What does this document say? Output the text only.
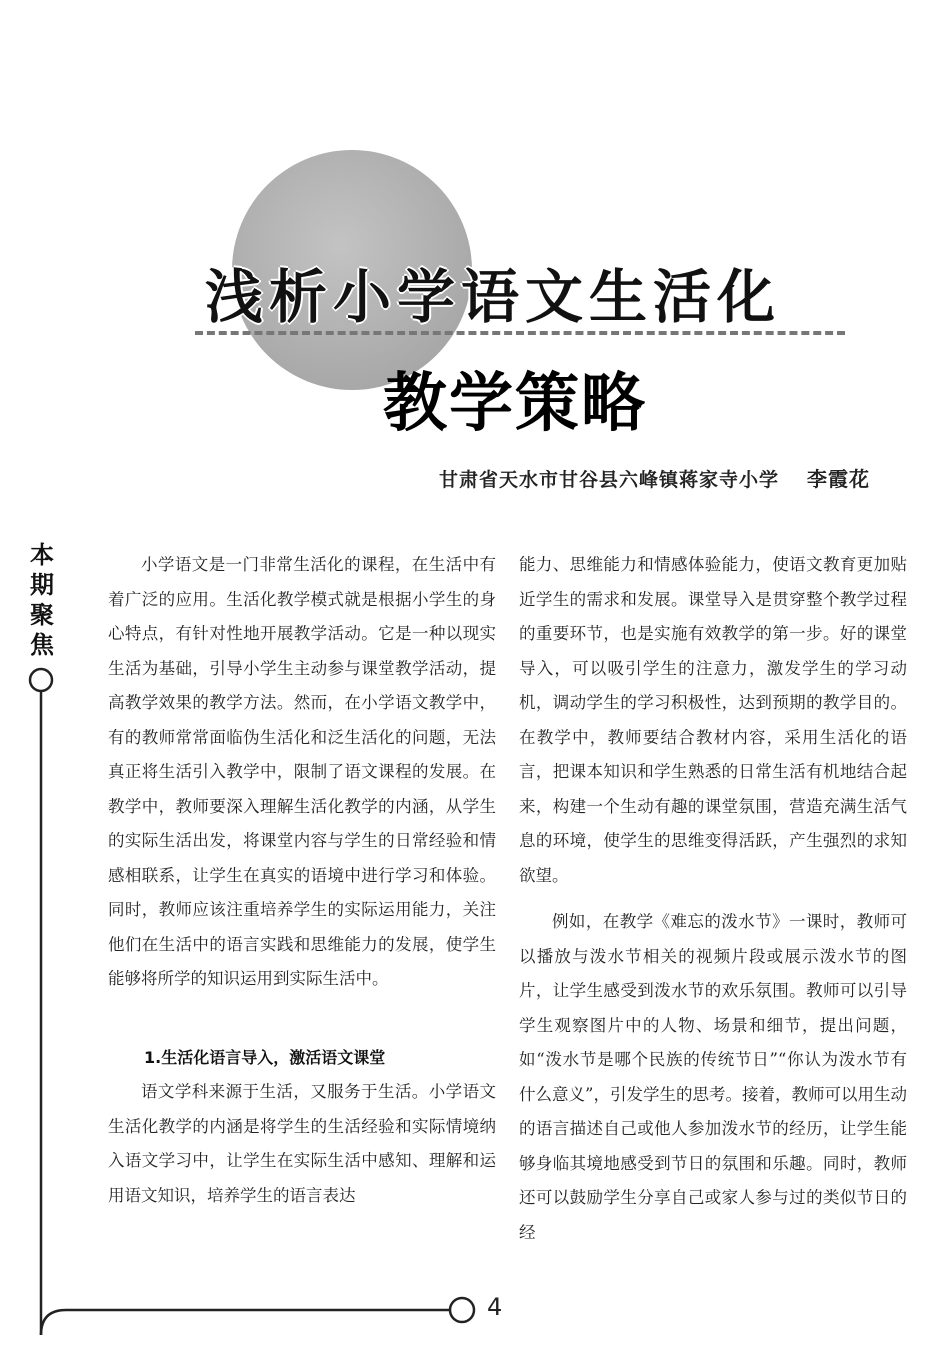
本期聚焦
浅析小学语文生活化
教学策略
甘肃省天水市甘谷县六峰镇蒋家寺小学 李霞花

小学语文是一门非常生活化的课程，在生活中有着广泛的应用。生活化教学模式就是根据小学生的身心特点，有针对性地开展教学活动。它是一种以现实生活为基础，引导小学生主动参与课堂教学活动，提高教学效果的教学方法。然而，在小学语文教学中，有的教师常常面临伪生活化和泛生活化的问题，无法真正将生活引入教学中，限制了语文课程的发展。在教学中，教师要深入理解生活化教学的内涵，从学生的实际生活出发，将课堂内容与学生的日常经验和情感相联系，让学生在真实的语境中进行学习和体验。同时，教师应该注重培养学生的实际运用能力，关注他们在生活中的语言实践和思维能力的发展，使学生能够将所学的知识运用到实际生活中。

1.生活化语言导入，激活语文课堂

语文学科来源于生活，又服务于生活。小学语文生活化教学的内涵是将学生的生活经验和实际情境纳入语文学习中，让学生在实际生活中感知、理解和运用语文知识，培养学生的语言表达

能力、思维能力和情感体验能力，使语文教育更加贴近学生的需求和发展。课堂导入是贯穿整个教学过程的重要环节，也是实施有效教学的第一步。好的课堂导入，可以吸引学生的注意力，激发学生的学习动机，调动学生的学习积极性，达到预期的教学目的。在教学中，教师要结合教材内容，采用生活化的语言，把课本知识和学生熟悉的日常生活有机地结合起来，构建一个生动有趣的课堂氛围，营造充满生活气息的环境，使学生的思维变得活跃，产生强烈的求知欲望。

例如，在教学《难忘的泼水节》一课时，教师可以播放与泼水节相关的视频片段或展示泼水节的图片，让学生感受到泼水节的欢乐氛围。教师可以引导学生观察图片中的人物、场景和细节，提出问题，如“泼水节是哪个民族的传统节日”“你认为泼水节有什么意义”，引发学生的思考。接着，教师可以用生动的语言描述自己或他人参加泼水节的经历，让学生能够身临其境地感受到节日的氛围和乐趣。同时，教师还可以鼓励学生分享自己或家人参与过的类似节日的经

4
